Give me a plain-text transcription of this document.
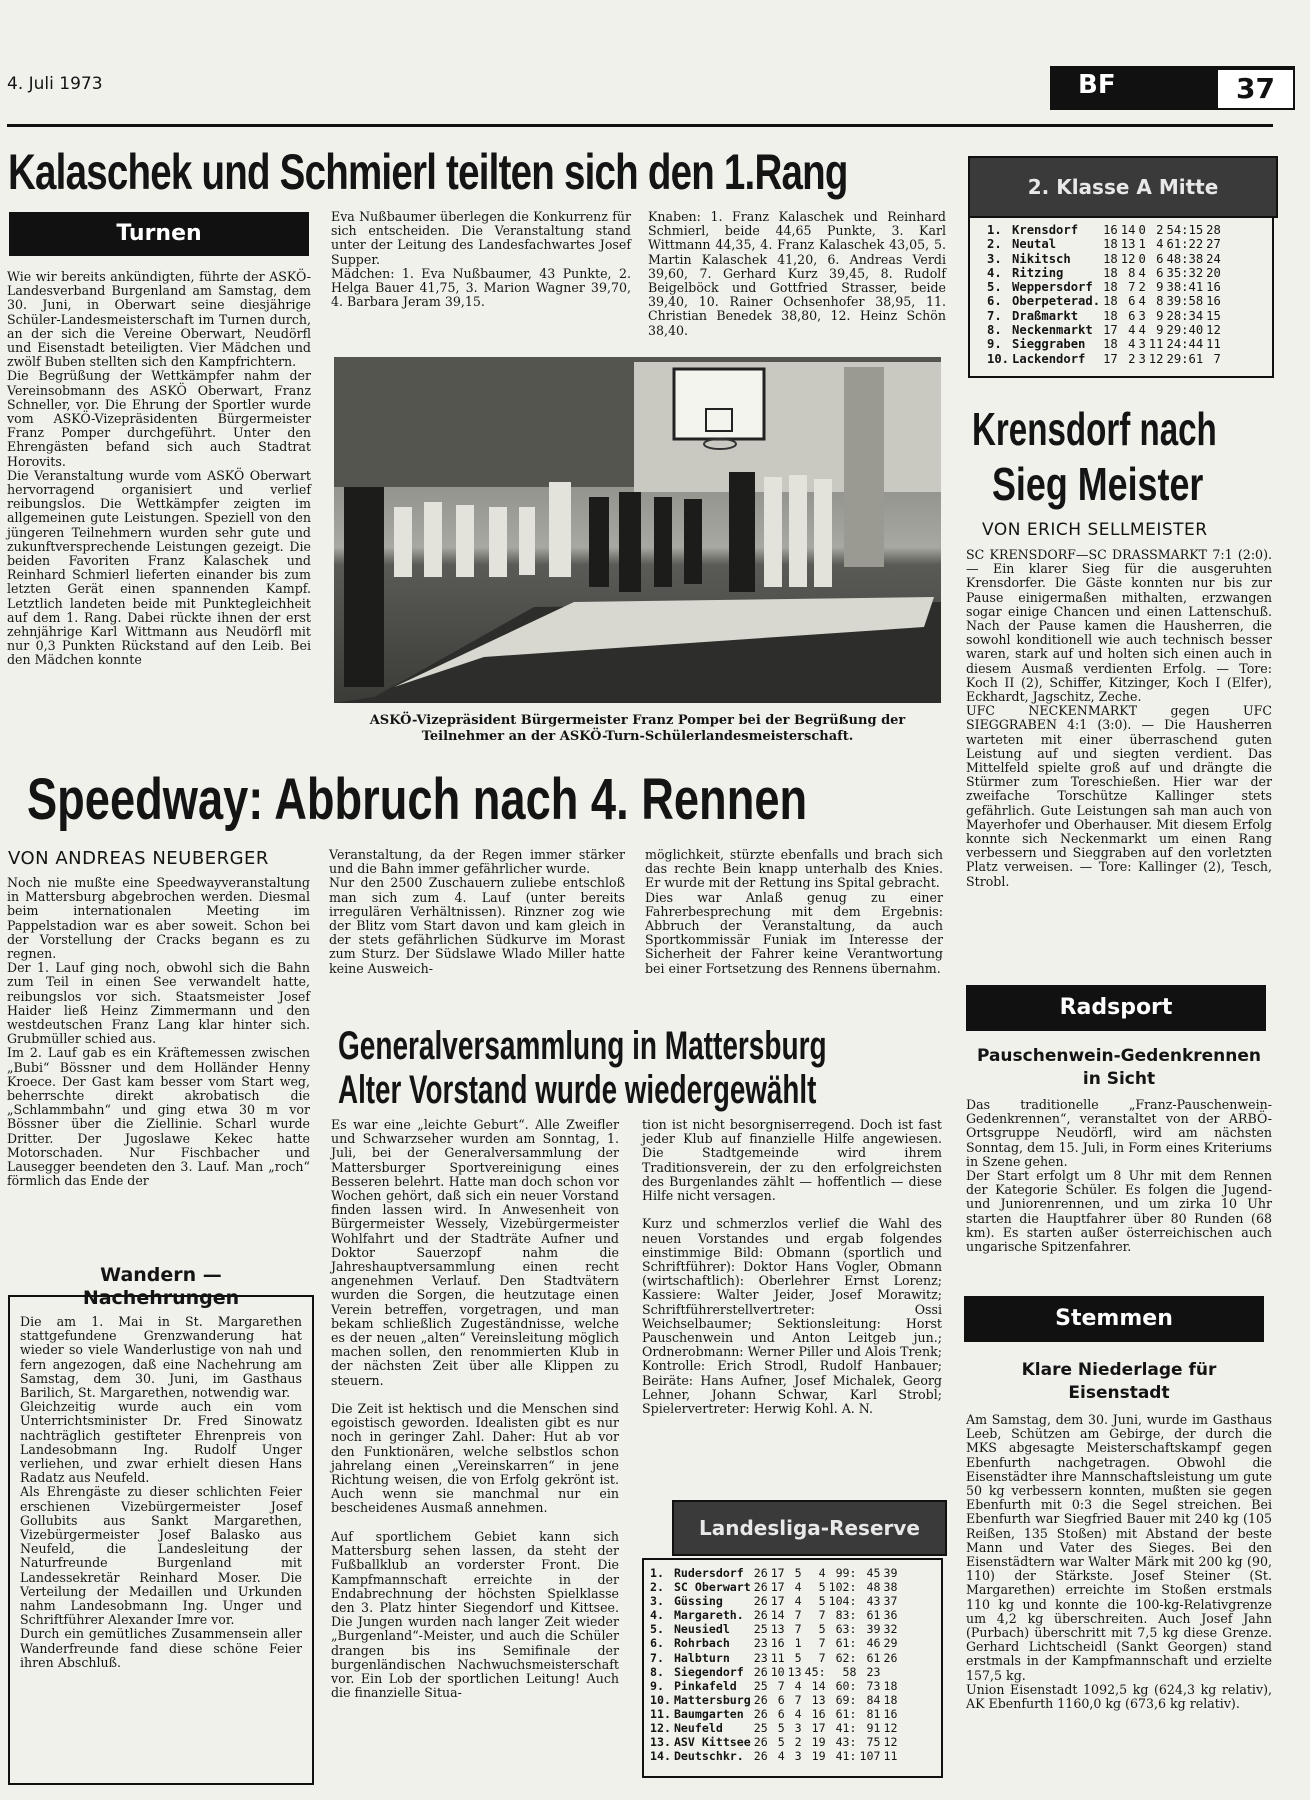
4. Juli 1973	BF	37
Kalaschek und Schmierl teilten sich den 1.Rang
Turnen
Wie wir bereits ankündigten, führte der ASKÖ-Landesverband Burgenland am Samstag, dem 30. Juni, in Oberwart seine diesjährige Schüler-Landesmeisterschaft im Turnen durch, an der sich die Vereine Oberwart, Neudörfl und Eisenstadt beteiligten. Vier Mädchen und zwölf Buben stellten sich den Kampfrichtern.
Die Begrüßung der Wettkämpfer nahm der Vereinsobmann des ASKÖ Oberwart, Franz Schneller, vor. Die Ehrung der Sportler wurde vom ASKÖ-Vizepräsidenten Bürgermeister Franz Pomper durchgeführt. Unter den Ehrengästen befand sich auch Stadtrat Horovits.
Die Veranstaltung wurde vom ASKÖ Oberwart hervorragend organisiert und verlief reibungslos. Die Wettkämpfer zeigten im allgemeinen gute Leistungen. Speziell von den jüngeren Teilnehmern wurden sehr gute und zukunftversprechende Leistungen gezeigt. Die beiden Favoriten Franz Kalaschek und Reinhard Schmierl lieferten einander bis zum letzten Gerät einen spannenden Kampf. Letztlich landeten beide mit Punktegleichheit auf dem 1. Rang. Dabei rückte ihnen der erst zehnjährige Karl Wittmann aus Neudörfl mit nur 0,3 Punkten Rückstand auf den Leib. Bei den Mädchen konnte
Eva Nußbaumer überlegen die Konkurrenz für sich entscheiden. Die Veranstaltung stand unter der Leitung des Landesfachwartes Josef Supper.
Mädchen: 1. Eva Nußbaumer, 43 Punkte, 2. Helga Bauer 41,75, 3. Marion Wagner 39,70, 4. Barbara Jeram 39,15.
Knaben: 1. Franz Kalaschek und Reinhard Schmierl, beide 44,65 Punkte, 3. Karl Wittmann 44,35, 4. Franz Kalaschek 43,05, 5. Martin Kalaschek 41,20, 6. Andreas Verdi 39,60, 7. Gerhard Kurz 39,45, 8. Rudolf Beigelböck und Gottfried Strasser, beide 39,40, 10. Rainer Ochsenhofer 38,95, 11. Christian Benedek 38,80, 12. Heinz Schön 38,40.
ASKÖ-Vizepräsident Bürgermeister Franz Pomper bei der Begrüßung der Teilnehmer an der ASKÖ-Turn-Schülerlandesmeisterschaft.
2. Klasse A Mitte
1.	Krensdorf	16	14	0	2	54:15	28
2.	Neutal	18	13	1	4	61:22	27
3.	Nikitsch	18	12	0	6	48:38	24
4.	Ritzing	18	8	4	6	35:32	20
5.	Weppersdorf	18	7	2	9	38:41	16
6.	Oberpeterad.	18	6	4	8	39:58	16
7.	Draßmarkt	18	6	3	9	28:34	15
8.	Neckenmarkt	17	4	4	9	29:40	12
9.	Sieggraben	18	4	3	11	24:44	11
10.	Lackendorf	17	2	3	12	29:61	7
Krensdorf nach
Sieg Meister
VON ERICH SELLMEISTER
SC KRENSDORF—SC DRASSMARKT 7:1 (2:0). — Ein klarer Sieg für die ausgeruhten Krensdorfer. Die Gäste konnten nur bis zur Pause einigermaßen mithalten, erzwangen sogar einige Chancen und einen Lattenschuß. Nach der Pause kamen die Hausherren, die sowohl konditionell wie auch technisch besser waren, stark auf und holten sich einen auch in diesem Ausmaß verdienten Erfolg. — Tore: Koch II (2), Schiffer, Kitzinger, Koch I (Elfer), Eckhardt, Jagschitz, Zeche.
UFC NECKENMARKT gegen UFC SIEGGRABEN 4:1 (3:0). — Die Hausherren warteten mit einer überraschend guten Leistung auf und siegten verdient. Das Mittelfeld spielte groß auf und drängte die Stürmer zum Toreschießen. Hier war der zweifache Torschütze Kallinger stets gefährlich. Gute Leistungen sah man auch von Mayerhofer und Oberhauser. Mit diesem Erfolg konnte sich Neckenmarkt um einen Rang verbessern und Sieggraben auf den vorletzten Platz verweisen. — Tore: Kallinger (2), Tesch, Strobl.
Speedway: Abbruch nach 4. Rennen
VON ANDREAS NEUBERGER
Noch nie mußte eine Speedwayveranstaltung in Mattersburg abgebrochen werden. Diesmal beim internationalen Meeting im Pappelstadion war es aber soweit. Schon bei der Vorstellung der Cracks begann es zu regnen.
Der 1. Lauf ging noch, obwohl sich die Bahn zum Teil in einen See verwandelt hatte, reibungslos vor sich. Staatsmeister Josef Haider ließ Heinz Zimmermann und den westdeutschen Franz Lang klar hinter sich. Grubmüller schied aus.
Im 2. Lauf gab es ein Kräftemessen zwischen „Bubi“ Bössner und dem Holländer Henny Kroece. Der Gast kam besser vom Start weg, beherrschte direkt akrobatisch die „Schlammbahn“ und ging etwa 30 m vor Bössner über die Ziellinie. Scharl wurde Dritter. Der Jugoslawe Kekec hatte Motorschaden. Nur Fischbacher und Lausegger beendeten den 3. Lauf. Man „roch“ förmlich das Ende der
Veranstaltung, da der Regen immer stärker und die Bahn immer gefährlicher wurde.
Nur den 2500 Zuschauern zuliebe entschloß man sich zum 4. Lauf (unter bereits irregulären Verhältnissen). Rinzner zog wie der Blitz vom Start davon und kam gleich in der stets gefährlichen Südkurve im Morast zum Sturz. Der Südslawe Wlado Miller hatte keine Ausweich-
möglichkeit, stürzte ebenfalls und brach sich das rechte Bein knapp unterhalb des Knies. Er wurde mit der Rettung ins Spital gebracht.
Dies war Anlaß genug zu einer Fahrerbesprechung mit dem Ergebnis: Abbruch der Veranstaltung, da auch Sportkommissär Funiak im Interesse der Sicherheit der Fahrer keine Verantwortung bei einer Fortsetzung des Rennens übernahm.
Generalversammlung in Mattersburg
Alter Vorstand wurde wiedergewählt
Es war eine „leichte Geburt“. Alle Zweifler und Schwarzseher wurden am Sonntag, 1. Juli, bei der Generalversammlung der Mattersburger Sportvereinigung eines Besseren belehrt. Hatte man doch schon vor Wochen gehört, daß sich ein neuer Vorstand finden lassen wird. In Anwesenheit von Bürgermeister Wessely, Vizebürgermeister Wohlfahrt und der Stadträte Aufner und Doktor Sauerzopf nahm die Jahreshauptversammlung einen recht angenehmen Verlauf. Den Stadtvätern wurden die Sorgen, die heutzutage einen Verein betreffen, vorgetragen, und man bekam schließlich Zugeständnisse, welche es der neuen „alten“ Vereinsleitung möglich machen sollen, den renommierten Klub in der nächsten Zeit über alle Klippen zu steuern.

Die Zeit ist hektisch und die Menschen sind egoistisch geworden. Idealisten gibt es nur noch in geringer Zahl. Daher: Hut ab vor den Funktionären, welche selbstlos schon jahrelang einen „Vereinskarren“ in jene Richtung weisen, die von Erfolg gekrönt ist. Auch wenn sie manchmal nur ein bescheidenes Ausmaß annehmen.

Auf sportlichem Gebiet kann sich Mattersburg sehen lassen, da steht der Fußballklub an vorderster Front. Die Kampfmannschaft erreichte in der Endabrechnung der höchsten Spielklasse den 3. Platz hinter Siegendorf und Kittsee. Die Jungen wurden nach langer Zeit wieder „Burgenland“-Meister, und auch die Schüler drangen bis ins Semifinale der burgenländischen Nachwuchsmeisterschaft vor. Ein Lob der sportlichen Leitung! Auch die finanzielle Situa-
tion ist nicht besorgniserregend. Doch ist fast jeder Klub auf finanzielle Hilfe angewiesen. Die Stadtgemeinde wird ihrem Traditionsverein, der zu den erfolgreichsten des Burgenlandes zählt — hoffentlich — diese Hilfe nicht versagen.

Kurz und schmerzlos verlief die Wahl des neuen Vorstandes und ergab folgendes einstimmige Bild: Obmann (sportlich und Schriftführer): Doktor Hans Vogler, Obmann (wirtschaftlich): Oberlehrer Ernst Lorenz; Kassiere: Walter Jeider, Josef Morawitz; Schriftführerstellvertreter: Ossi Weichselbaumer; Sektionsleitung: Horst Pauschenwein und Anton Leitgeb jun.; Ordnerobmann: Werner Piller und Alois Trenk; Kontrolle: Erich Strodl, Rudolf Hanbauer; Beiräte: Hans Aufner, Josef Michalek, Georg Lehner, Johann Schwar, Karl Strobl; Spielervertreter: Herwig Kohl. A. N.
Wandern —
Nachehrungen
Die am 1. Mai in St. Margarethen stattgefundene Grenzwanderung hat wieder so viele Wanderlustige von nah und fern angezogen, daß eine Nachehrung am Samstag, dem 30. Juni, im Gasthaus Barilich, St. Margarethen, notwendig war.
Gleichzeitig wurde auch ein vom Unterrichtsminister Dr. Fred Sinowatz nachträglich gestifteter Ehrenpreis von Landesobmann Ing. Rudolf Unger verliehen, und zwar erhielt diesen Hans Radatz aus Neufeld.
Als Ehrengäste zu dieser schlichten Feier erschienen Vizebürgermeister Josef Gollubits aus Sankt Margarethen, Vizebürgermeister Josef Balasko aus Neufeld, die Landesleitung der Naturfreunde Burgenland mit Landessekretär Reinhard Moser. Die Verteilung der Medaillen und Urkunden nahm Landesobmann Ing. Unger und Schriftführer Alexander Imre vor.
Durch ein gemütliches Zusammensein aller Wanderfreunde fand diese schöne Feier ihren Abschluß.
Landesliga-Reserve
1.	Rudersdorf	26	17	5	4	99:	45	39
2.	SC Oberwart	26	17	4	5	102:	48	38
3.	Güssing	26	17	4	5	104:	43	37
4.	Margareth.	26	14	7	7	83:	61	36
5.	Neusiedl	25	13	7	5	63:	39	32
6.	Rohrbach	23	16	1	7	61:	46	29
7.	Halbturn	23	11	5	7	62:	61	26
8.	Siegendorf	26	10	13	45:	58	23	
9.	Pinkafeld	25	7	4	14	60:	73	18
10.	Mattersburg	26	6	7	13	69:	84	18
11.	Baumgarten	26	6	4	16	61:	81	16
12.	Neufeld	25	5	3	17	41:	91	12
13.	ASV Kittsee	26	5	2	19	43:	75	12
14.	Deutschkr.	26	4	3	19	41:	107	11
Radsport
Pauschenwein-Gedenkrennen
in Sicht
Das traditionelle „Franz-Pauschenwein-Gedenkrennen“, veranstaltet von der ARBÖ-Ortsgruppe Neudörfl, wird am nächsten Sonntag, dem 15. Juli, in Form eines Kriteriums in Szene gehen.
Der Start erfolgt um 8 Uhr mit dem Rennen der Kategorie Schüler. Es folgen die Jugend- und Juniorenrennen, und um zirka 10 Uhr starten die Hauptfahrer über 80 Runden (68 km). Es starten außer österreichischen auch ungarische Spitzenfahrer.
Stemmen
Klare Niederlage für
Eisenstadt
Am Samstag, dem 30. Juni, wurde im Gasthaus Leeb, Schützen am Gebirge, der durch die MKS abgesagte Meisterschaftskampf gegen Ebenfurth nachgetragen. Obwohl die Eisenstädter ihre Mannschaftsleistung um gute 50 kg verbessern konnten, mußten sie gegen Ebenfurth mit 0:3 die Segel streichen. Bei Ebenfurth war Siegfried Bauer mit 240 kg (105 Reißen, 135 Stoßen) mit Abstand der beste Mann und Vater des Sieges. Bei den Eisenstädtern war Walter Märk mit 200 kg (90, 110) der Stärkste. Josef Steiner (St. Margarethen) erreichte im Stoßen erstmals 110 kg und konnte die 100-kg-Relativgrenze um 4,2 kg überschreiten. Auch Josef Jahn (Purbach) überschritt mit 7,5 kg diese Grenze. Gerhard Lichtscheidl (Sankt Georgen) stand erstmals in der Kampfmannschaft und erzielte 157,5 kg.
Union Eisenstadt 1092,5 kg (624,3 kg relativ), AK Ebenfurth 1160,0 kg (673,6 kg relativ).
